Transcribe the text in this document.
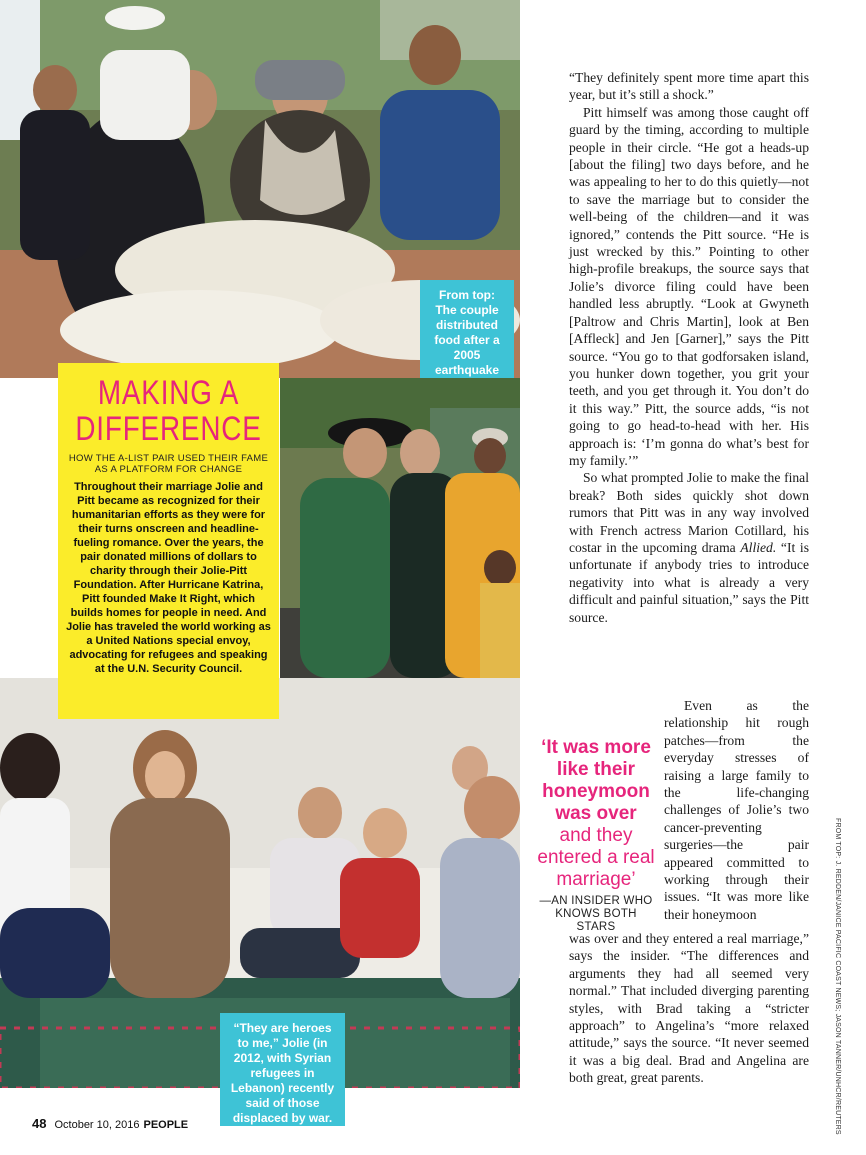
From top: The couple distributed food after a 2005 earthquake
“They are heroes to me,” Jolie (in 2012, with Syrian refugees in Lebanon) recently said of those displaced by war.
MAKING A
DIFFERENCE
HOW THE A-LIST PAIR USED THEIR FAME AS A PLATFORM FOR CHANGE
Throughout their marriage Jolie and Pitt became as recognized for their humanitarian efforts as they were for their turns onscreen and headline-fueling romance. Over the years, the pair donated millions of dollars to charity through their Jolie-Pitt Foundation. After Hurricane Katrina, Pitt founded Make It Right, which builds homes for people in need. And Jolie has traveled the world working as a United Nations special envoy, advocating for refugees and speaking at the U.N. Security Council.

“They definitely spent more time apart this year, but it’s still a shock.”

Pitt himself was among those caught off guard by the timing, according to multiple people in their circle. “He got a heads-up [about the filing] two days before, and he was appealing to her to do this quietly—not to save the marriage but to consider the well-being of the children—and it was ignored,” contends the Pitt source. “He is just wrecked by this.” Pointing to other high-profile breakups, the source says that Jolie’s divorce filing could have been handled less abruptly. “Look at Gwyneth [Paltrow and Chris Martin], look at Ben [Affleck] and Jen [Garner],” says the Pitt source. “You go to that godforsaken island, you hunker down together, you grit your teeth, and you get through it. You don’t do it this way.” Pitt, the source adds, “is not going to go head-to-head with her. His approach is: ‘I’m gonna do what’s best for my family.’”

So what prompted Jolie to make the final break? Both sides quickly shot down rumors that Pitt was in any way involved with French actress Marion Cotillard, his costar in the upcoming drama Allied. “It is unfortunate if anybody tries to introduce negativity into what is already a very difficult and painful situation,” says the Pitt source.

‘It was more like their honeymoon was over
and they entered a real marriage’
—AN INSIDER WHO KNOWS BOTH STARS

Even as the relationship hit rough patches—from the everyday stresses of raising a large family to the life-changing challenges of Jolie’s two cancer-preventing surgeries—the pair appeared committed to working through their issues. “It was more like their honeymoon

was over and they entered a real marriage,” says the insider. “The differences and arguments they had all seemed very normal.” That included diverging parenting styles, with Brad taking a “stricter approach” to Angelina’s “more relaxed attitude,” says the source. “It never seemed it was a big deal. Brad and Angelina are both great, great parents.	FROM TOP: J. REDDEN/JANICE PACIFIC COAST NEWS; JASON TANNER/UNHCR/REUTERS
48 October 10, 2016 PEOPLE
